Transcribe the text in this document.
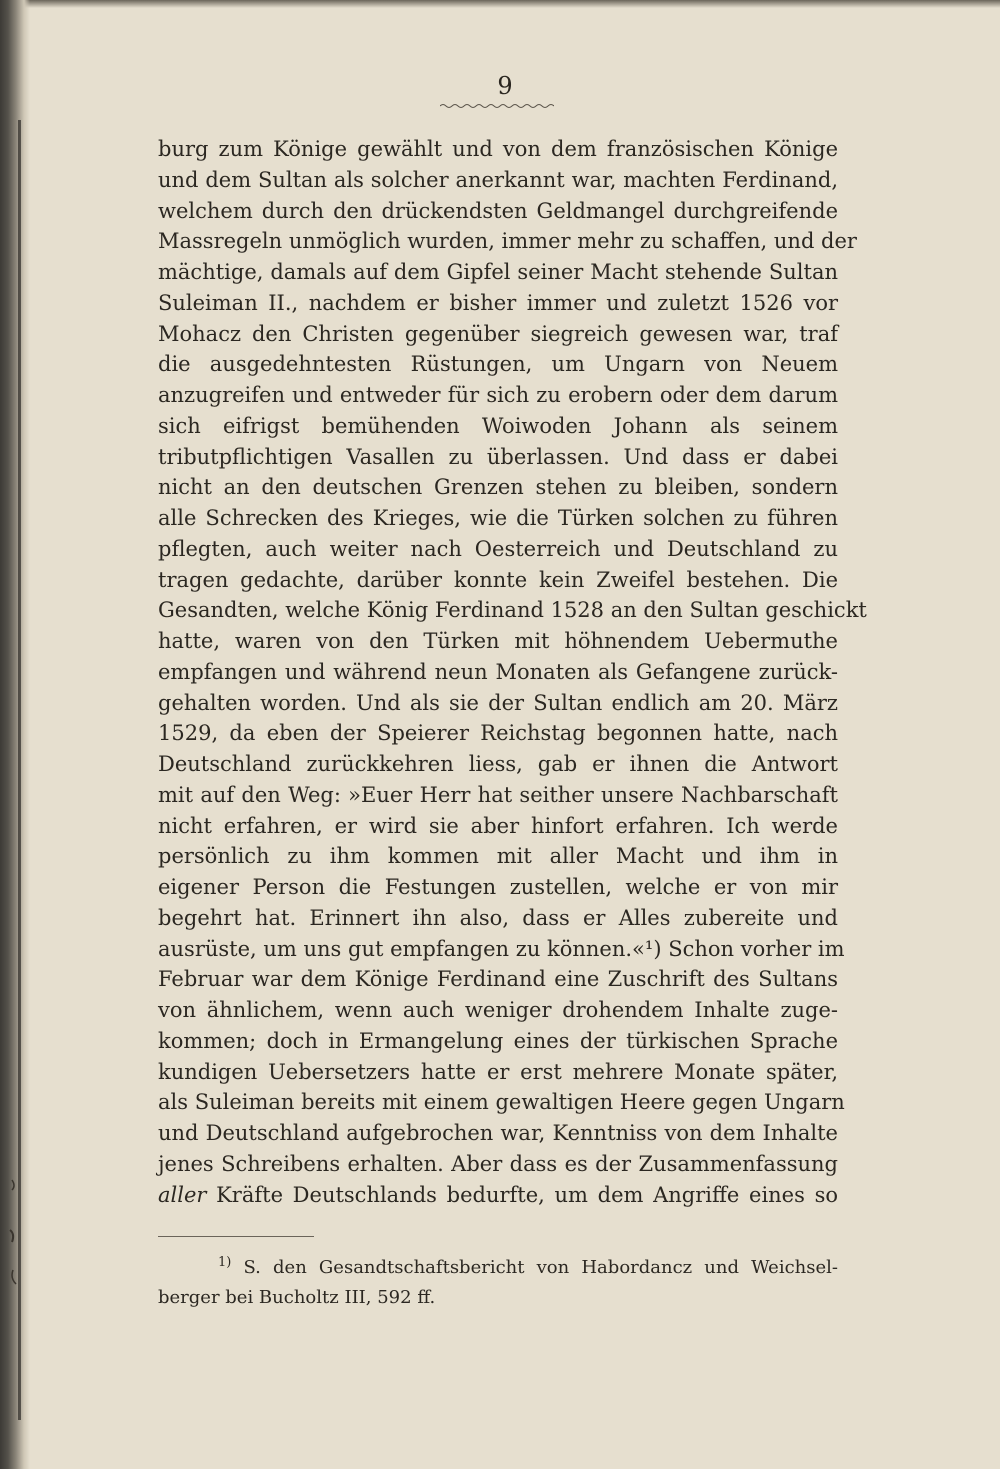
9
burg zum Könige gewählt und von dem französischen Könige
und dem Sultan als solcher anerkannt war, machten Ferdinand,
welchem durch den drückendsten Geldmangel durchgreifende
Massregeln unmöglich wurden, immer mehr zu schaffen, und der
mächtige, damals auf dem Gipfel seiner Macht stehende Sultan
Suleiman II., nachdem er bisher immer und zuletzt 1526 vor
Mohacz den Christen gegenüber siegreich gewesen war, traf
die ausgedehntesten Rüstungen, um Ungarn von Neuem
anzugreifen und entweder für sich zu erobern oder dem darum
sich eifrigst bemühenden Woiwoden Johann als seinem
tributpflichtigen Vasallen zu überlassen. Und dass er dabei
nicht an den deutschen Grenzen stehen zu bleiben, sondern
alle Schrecken des Krieges, wie die Türken solchen zu führen
pflegten, auch weiter nach Oesterreich und Deutschland zu
tragen gedachte, darüber konnte kein Zweifel bestehen. Die
Gesandten, welche König Ferdinand 1528 an den Sultan geschickt
hatte, waren von den Türken mit höhnendem Uebermuthe
empfangen und während neun Monaten als Gefangene zurück-
gehalten worden. Und als sie der Sultan endlich am 20. März
1529, da eben der Speierer Reichstag begonnen hatte, nach
Deutschland zurückkehren liess, gab er ihnen die Antwort
mit auf den Weg: »Euer Herr hat seither unsere Nachbarschaft
nicht erfahren, er wird sie aber hinfort erfahren. Ich werde
persönlich zu ihm kommen mit aller Macht und ihm in
eigener Person die Festungen zustellen, welche er von mir
begehrt hat. Erinnert ihn also, dass er Alles zubereite und
ausrüste, um uns gut empfangen zu können.«¹) Schon vorher im
Februar war dem Könige Ferdinand eine Zuschrift des Sultans
von ähnlichem, wenn auch weniger drohendem Inhalte zuge-
kommen; doch in Ermangelung eines der türkischen Sprache
kundigen Uebersetzers hatte er erst mehrere Monate später,
als Suleiman bereits mit einem gewaltigen Heere gegen Ungarn
und Deutschland aufgebrochen war, Kenntniss von dem Inhalte
jenes Schreibens erhalten. Aber dass es der Zusammenfassung
aller Kräfte Deutschlands bedurfte, um dem Angriffe eines so
$^{1)}$ S. den Gesandtschaftsbericht von Habordancz und Weichsel-
berger bei Bucholtz III, 592 ff.
